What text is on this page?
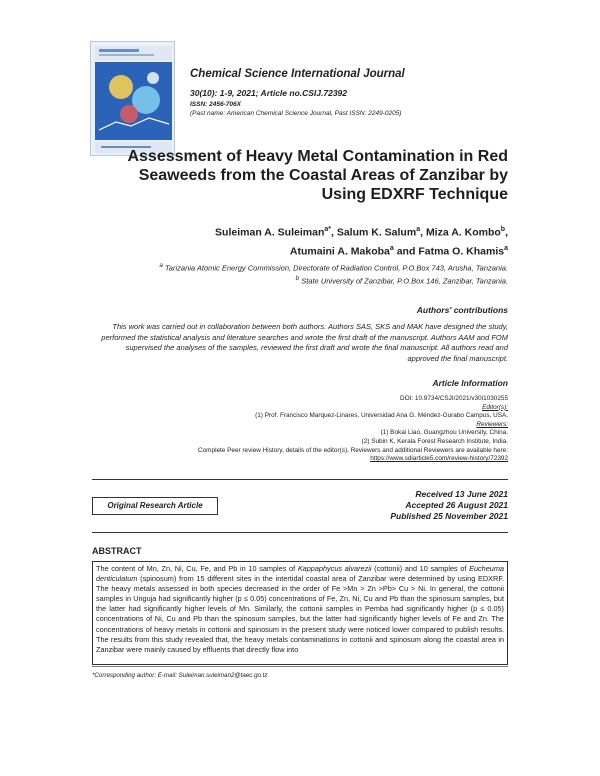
Chemical Science International Journal
30(10): 1-9, 2021; Article no.CSIJ.72392
ISSN: 2456-706X
(Past name: American Chemical Science Journal, Past ISSN: 2249-0205)
Assessment of Heavy Metal Contamination in Red Seaweeds from the Coastal Areas of Zanzibar by Using EDXRF Technique
Suleiman A. Suleiman$^{a*}$, Salum K. Salum$^a$, Miza A. Kombo$^b$,
Atumaini A. Makoba$^a$ and Fatma O. Khamis$^a$
$^a$ Tanzania Atomic Energy Commission, Directorate of Radiation Control, P.O.Box 743, Arusha, Tanzania.
$^b$ State University of Zanzibar, P.O.Box 146, Zanzibar, Tanzania.
Authors' contributions
This work was carried out in collaboration between both authors. Authors SAS, SKS and MAK have designed the study, performed the statistical analysis and literature searches and wrote the first draft of the manuscript. Authors AAM and FOM supervised the analyses of the samples, reviewed the first draft and wrote the final manuscript. All authors read and approved the final manuscript.
Article Information
DOI: 10.9734/CSJI/2021/v30i1030255
Editor(s):
(1) Prof. Francisco Marquez-Linares, Universidad Ana G. Méndez-Gurabo Campus, USA.
Reviewers:
(1) Bokai Liao, Guangzhou University, China.
(2) Subin K, Kerala Forest Research Institute, India.
Complete Peer review History, details of the editor(s), Reviewers and additional Reviewers are available here:
https://www.sdiarticle5.com/review-history/72392
Original Research Article
Received 13 June 2021
Accepted 26 August 2021
Published 25 November 2021
ABSTRACT
The content of Mn, Zn, Ni, Cu, Fe, and Pb in 10 samples of Kappaphycus alvarezii (cottonii) and 10 samples of Eucheuma denticulatum (spinosum) from 15 different sites in the intertidal coastal area of Zanzibar were determined by using EDXRF. The heavy metals assessed in both species decreased in the order of Fe >Mn > Zn >Pb> Cu > Ni. In general, the cottonii samples in Unguja had significantly higher (p ≤ 0.05) concentrations of Fe, Zn, Ni, Cu and Pb than the spinosum samples, but the latter had significantly higher levels of Mn. Similarly, the cottonii samples in Pemba had significantly higher (p ≤ 0.05) concentrations of Ni, Cu and Pb than the spinosum samples, but the latter had significantly higher levels of Fe and Zn. The concentrations of heavy metals in cottonii and spinosum in the present study were noticed lower compared to publish results. The results from this study revealed that, the heavy metals contaminations in cottonii and spinosum along the coastal area in Zanzibar were mainly caused by effluents that directly flow into
*Corresponding author: E-mail: Suleiman.suleiman2@taec.go.tz
